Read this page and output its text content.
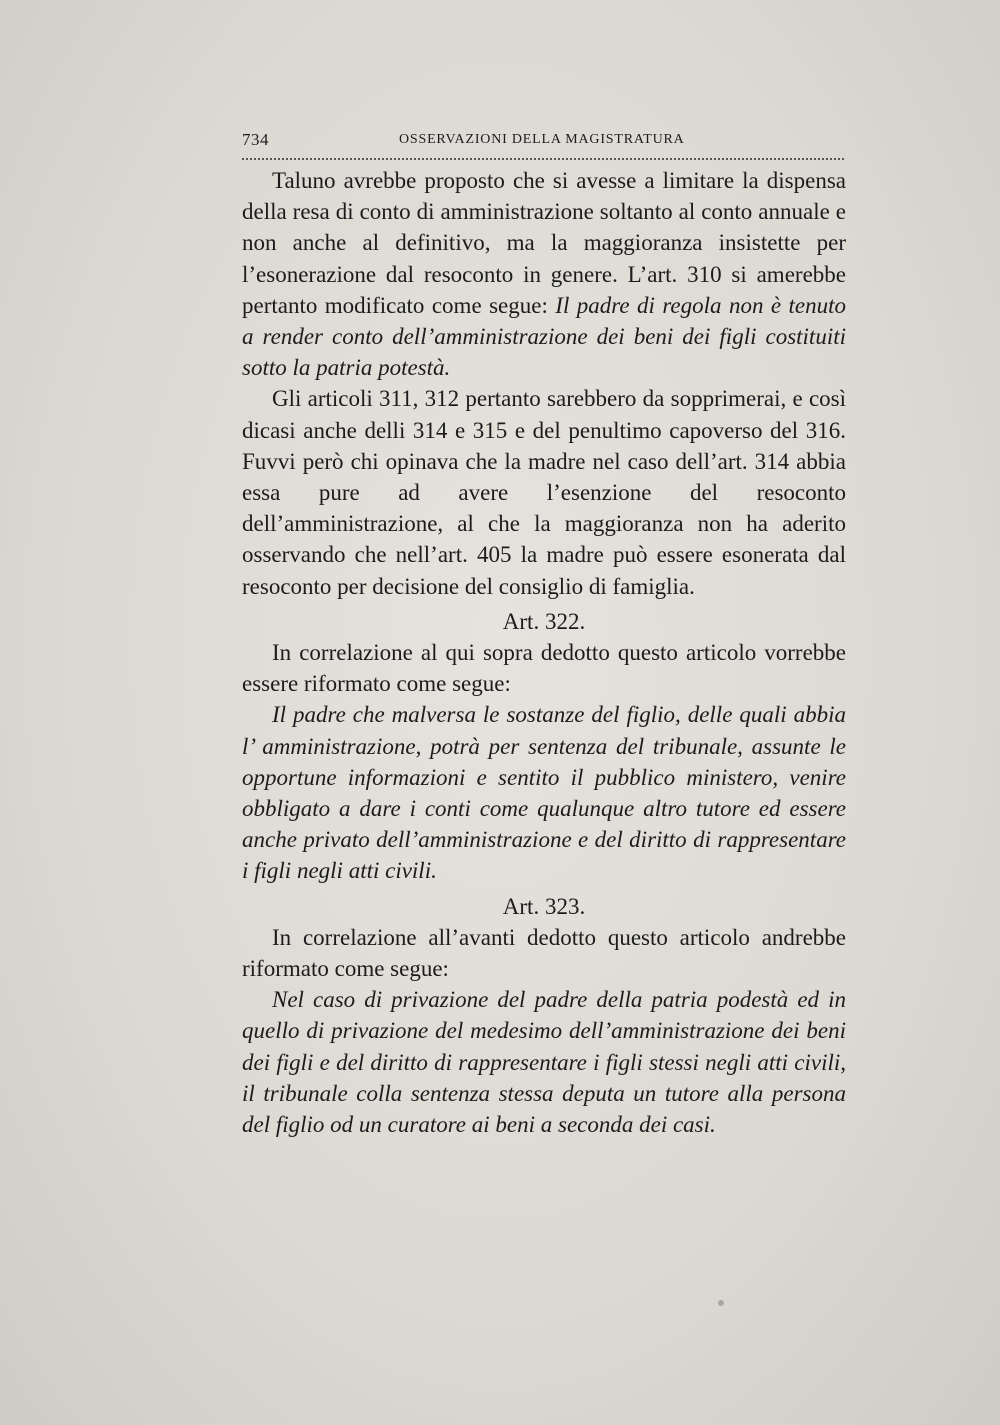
734	OSSERVAZIONI DELLA MAGISTRATURA

Taluno avrebbe proposto che si avesse a limitare la dispensa della resa di conto di amministrazione soltanto al conto annuale e non anche al definitivo, ma la maggioranza insistette per l’esonerazione dal resoconto in genere. L’art. 310 si amerebbe pertanto modificato come segue: Il padre di regola non è tenuto a render conto dell’amministrazione dei beni dei figli costituiti sotto la patria potestà.

Gli articoli 311, 312 pertanto sarebbero da sopprimerai, e così dicasi anche delli 314 e 315 e del penultimo capoverso del 316. Fuvvi però chi opinava che la madre nel caso dell’art. 314 abbia essa pure ad avere l’esenzione del resoconto dell’amministrazione, al che la maggioranza non ha aderito osservando che nell’art. 405 la madre può essere esonerata dal resoconto per decisione del consiglio di famiglia.

Art. 322.

In correlazione al qui sopra dedotto questo articolo vorrebbe essere riformato come segue:

Il padre che malversa le sostanze del figlio, delle quali abbia l’ amministrazione, potrà per sentenza del tribunale, assunte le opportune informazioni e sentito il pubblico ministero, venire obbligato a dare i conti come qualunque altro tutore ed essere anche privato dell’amministrazione e del diritto di rappresentare i figli negli atti civili.

Art. 323.

In correlazione all’avanti dedotto questo articolo andrebbe riformato come segue:

Nel caso di privazione del padre della patria podestà ed in quello di privazione del medesimo dell’amministrazione dei beni dei figli e del diritto di rappresentare i figli stessi negli atti civili, il tribunale colla sentenza stessa deputa un tutore alla persona del figlio od un curatore ai beni a seconda dei casi.
